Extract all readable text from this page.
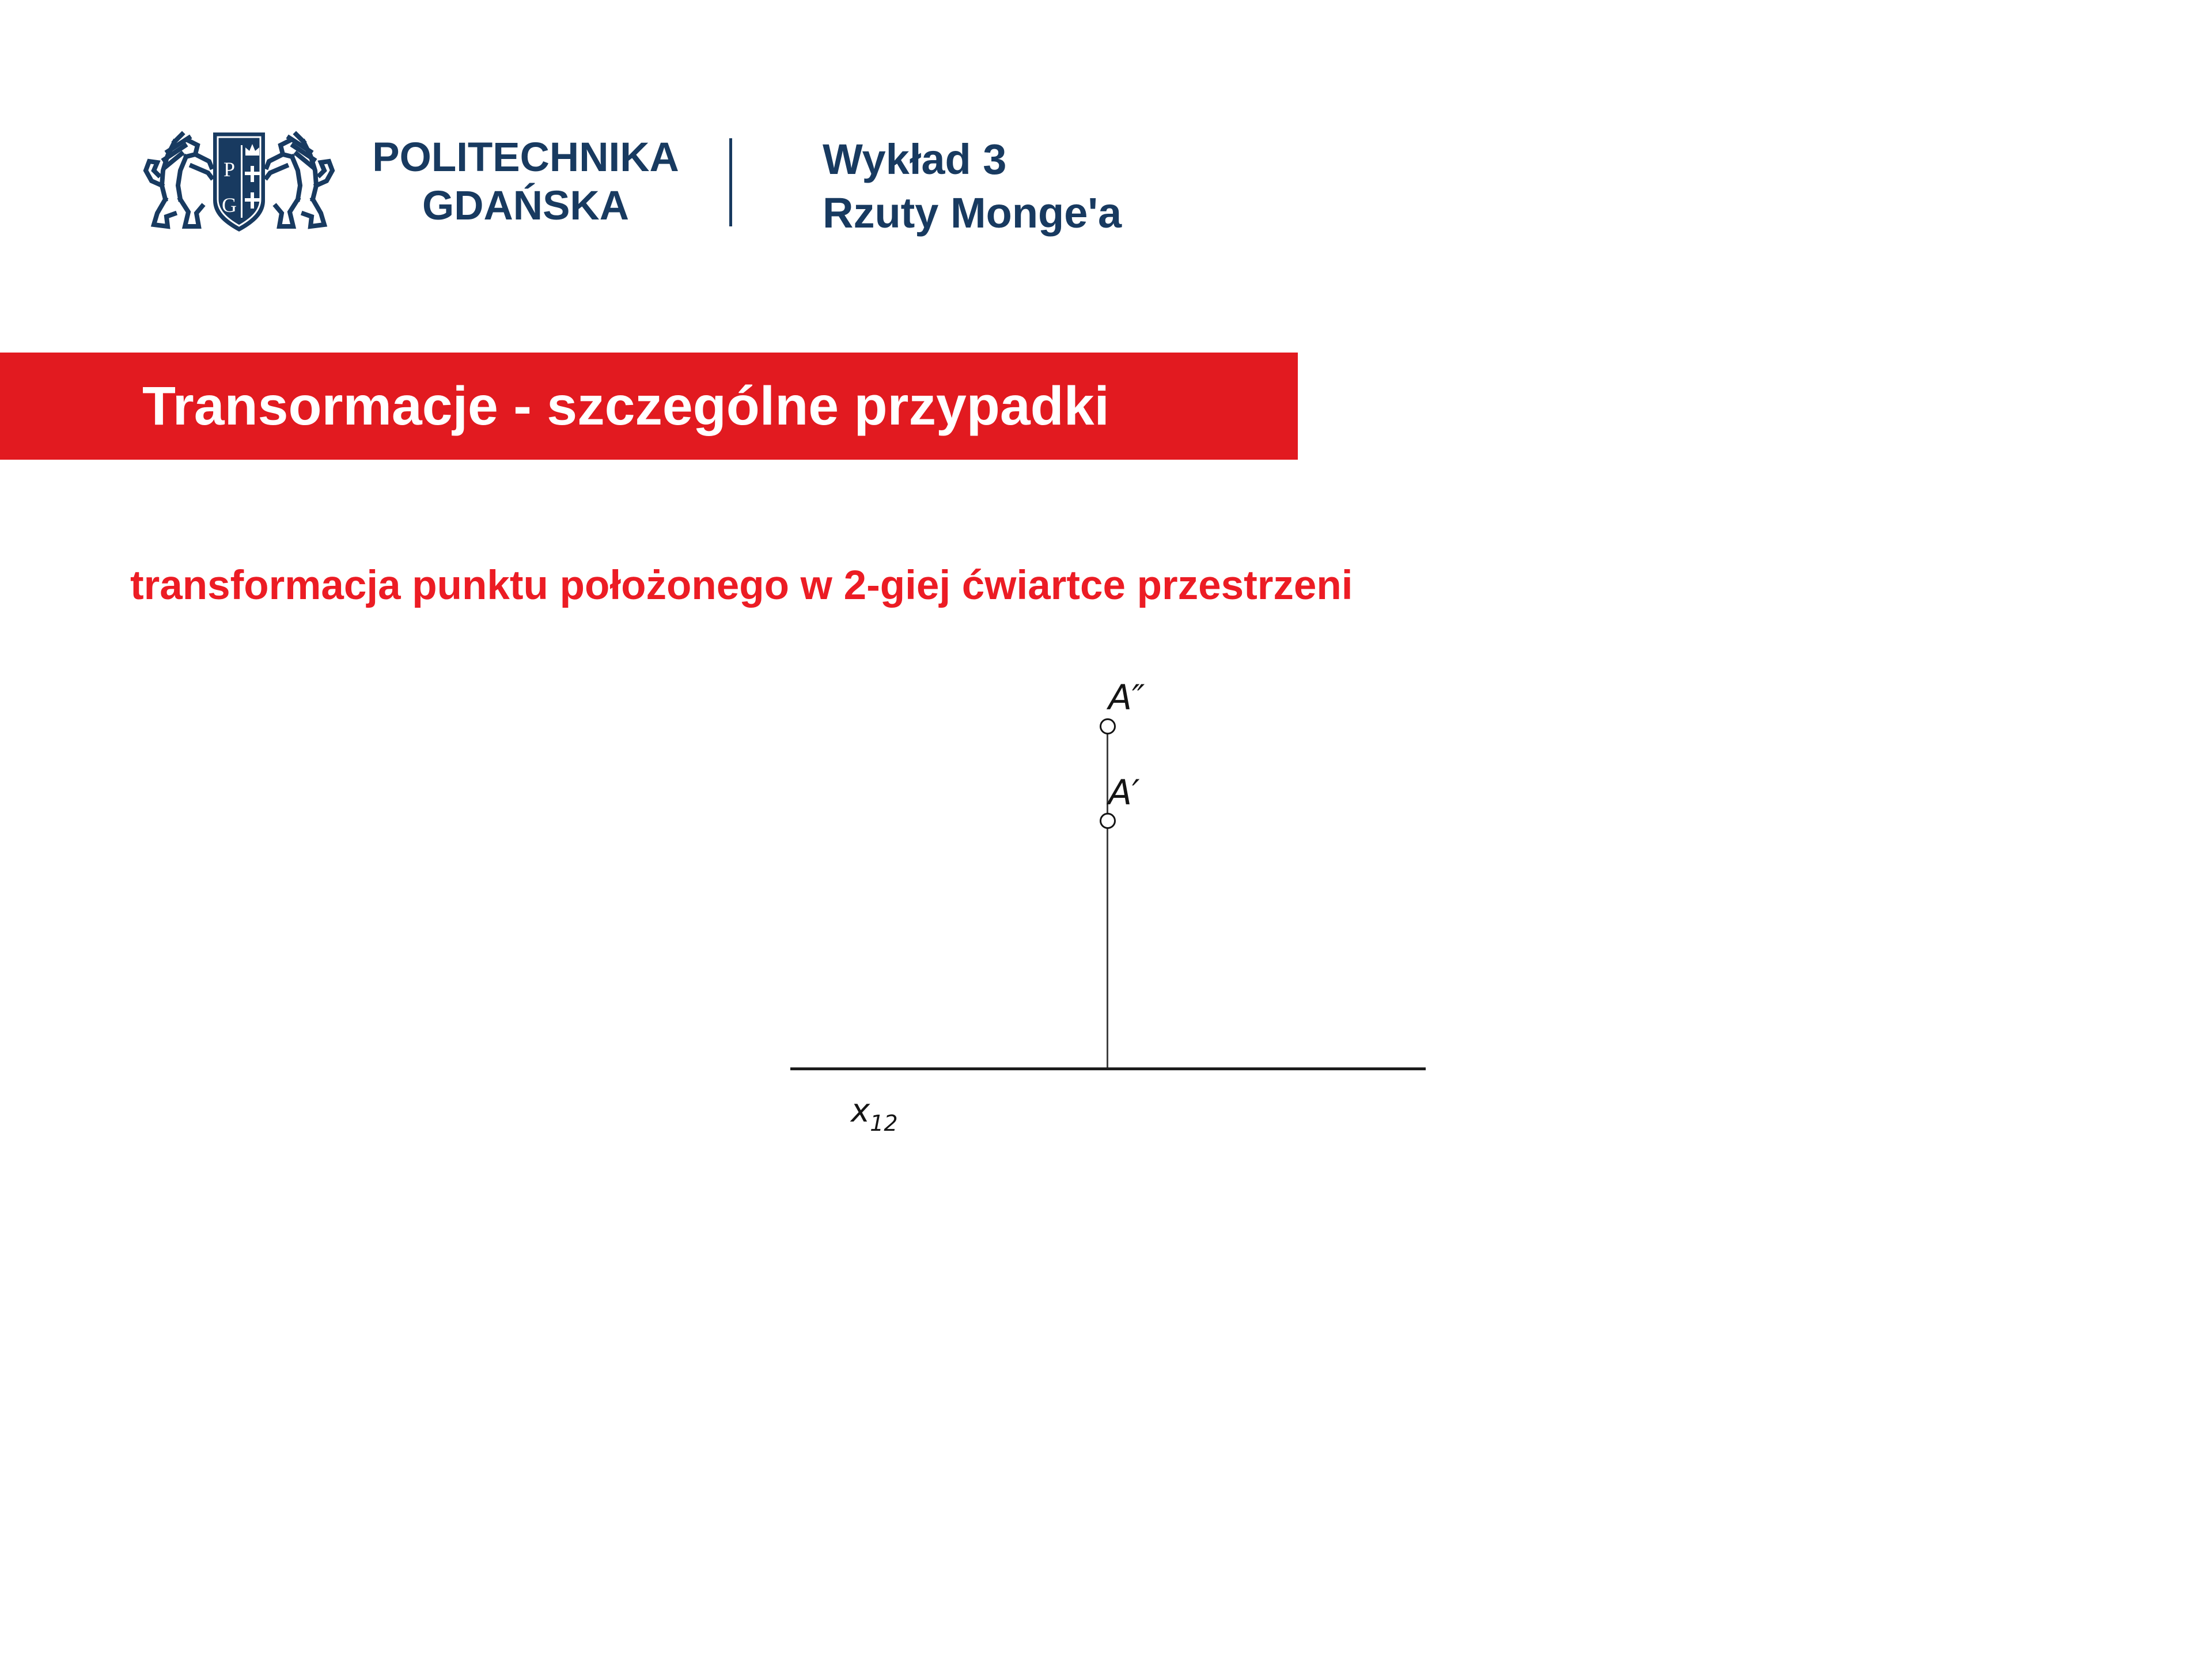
P
G
POLITECHNIKA
GDAŃSKA
Wykład 3
Rzuty Monge'a
Transormacje - szczególne przypadki
transformacja punktu położonego w 2-giej ćwiartce przestrzeni
A″
A′
x12
